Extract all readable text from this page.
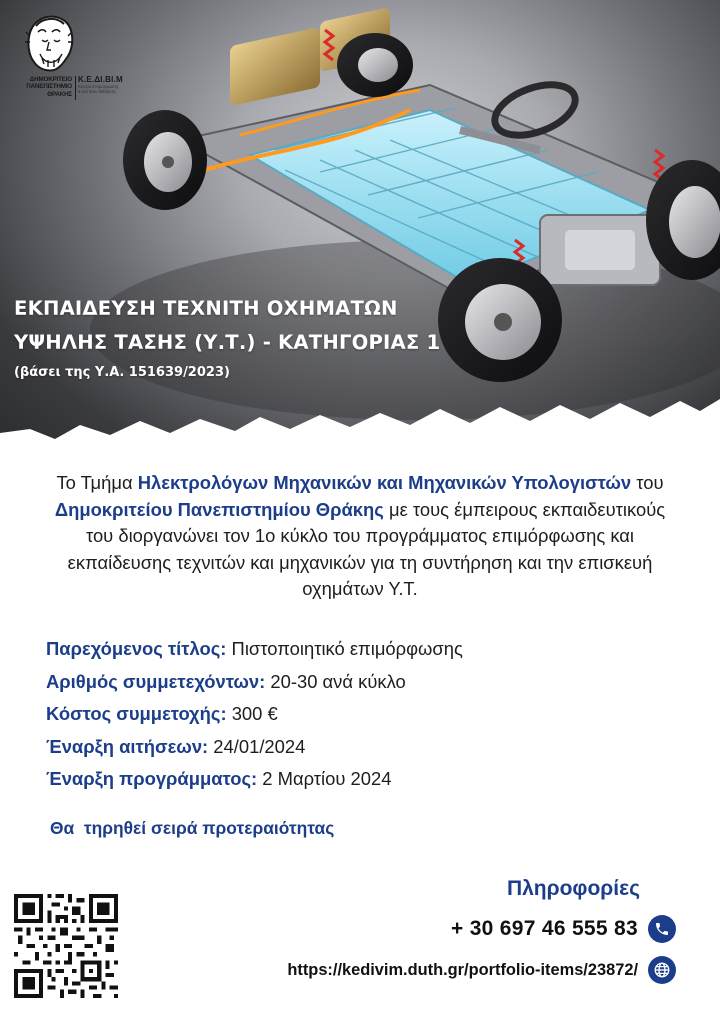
ΔΗΜΟΚΡΙΤΕΙΟ
ΠΑΝΕΠΙΣΤΗΜΙΟ
ΘΡΑΚΗΣ
Κ.Ε.ΔΙ.ΒΙ.Μ
Κέντρο Επιμόρφωσης
& Διά Βίου Μάθησης
ΕΚΠΑΙΔΕΥΣΗ ΤΕΧΝΙΤΗ ΟΧΗΜΑΤΩΝ
ΥΨΗΛΗΣ ΤΑΣΗΣ (Υ.Τ.) - ΚΑΤΗΓΟΡΙΑΣ 1
(βάσει της Υ.Α. 151639/2023)
Το Τμήμα Ηλεκτρολόγων Μηχανικών και Μηχανικών Υπολογιστών του Δημοκριτείου Πανεπιστημίου Θράκης με τους έμπειρους εκπαιδευτικούς του διοργανώνει τον 1ο κύκλο του προγράμματος επιμόρφωσης και εκπαίδευσης τεχνιτών και μηχανικών για τη συντήρηση και την επισκευή οχημάτων Υ.Τ.
Παρεχόμενος τίτλος: Πιστοποιητικό επιμόρφωσης
Αριθμός συμμετεχόντων: 20-30 ανά κύκλο
Κόστος συμμετοχής: 300 €
Έναρξη αιτήσεων: 24/01/2024
Έναρξη προγράμματος: 2 Μαρτίου 2024
Θα  τηρηθεί σειρά προτεραιότητας
Πληροφορίες
+ 30 697 46 555 83
https://kedivim.duth.gr/portfolio-items/23872/
